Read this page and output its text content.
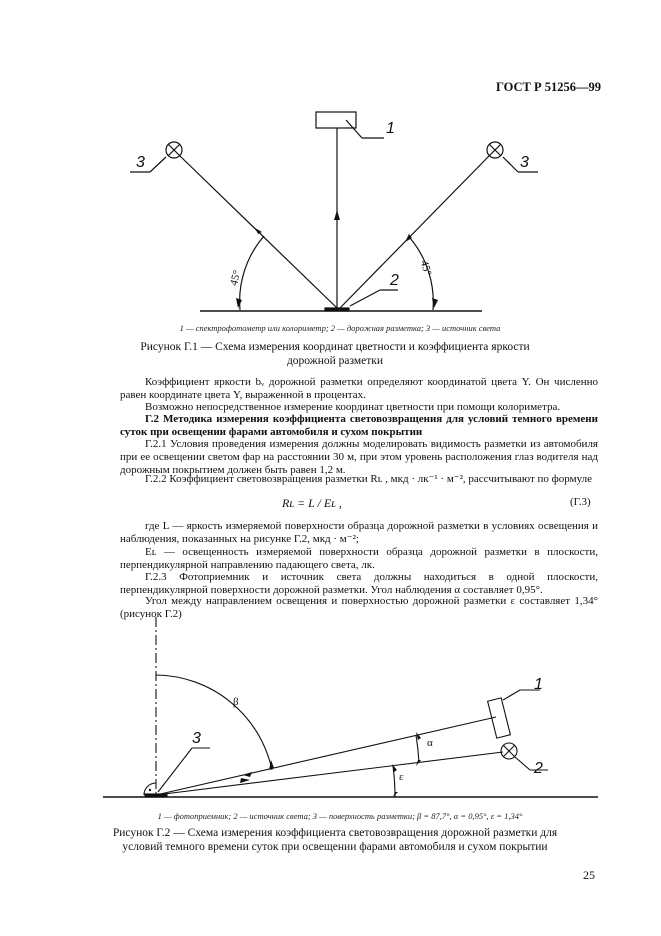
ГОСТ Р 51256—99
1
3	3
2
45°
45°
1 — спектрофотометр или колориметр; 2 — дорожная разметка; 3 — источник света
Рисунок Г.1 — Схема измерения координат цветности и коэффициента яркости
дорожной разметки
Коэффициент яркости bᵥ дорожной разметки определяют координатой цвета Y. Он численно равен координате цвета Y, выраженной в процентах.
Возможно непосредственное измерение координат цветности при помощи колориметра.
Г.2 Методика измерения коэффициента световозвращения для условий темного времени суток при освещении фарами автомобиля и сухом покрытии
Г.2.1 Условия проведения измерения должны моделировать видимость разметки из автомобиля при ее освещении светом фар на расстоянии 30 м, при этом уровень расположения глаз водителя над дорожным покрытием должен быть равен 1,2 м.
Г.2.2 Коэффициент световозвращения разметки Rʟ , мкд · лк⁻¹ · м⁻², рассчитывают по формуле
Rʟ = L / Eʟ ,	(Г.3)
где L — яркость измеряемой поверхности образца дорожной разметки в условиях освещения и наблюдения, показанных на рисунке Г.2, мкд · м⁻²;
Eʟ — освещенность измеряемой поверхности образца дорожной разметки в плоскости, перпендикулярной направлению падающего света, лк.
Г.2.3 Фотоприемник и источник света должны находиться в одной плоскости, перпендикулярной поверхности дорожной разметки. Угол наблюдения α составляет 0,95°.
Угол между направлением освещения и поверхностью дорожной разметки ε составляет 1,34° (рисунок Г.2)
1
2
3
β
α
ε
1 — фотоприемник; 2 — источник света; 3 — поверхность разметки; β = 87,7°, α = 0,95°, ε = 1,34°
Рисунок Г.2 — Схема измерения коэффициента световозвращения дорожной разметки для
условий темного времени суток при освещении фарами автомобиля и сухом покрытии
25
